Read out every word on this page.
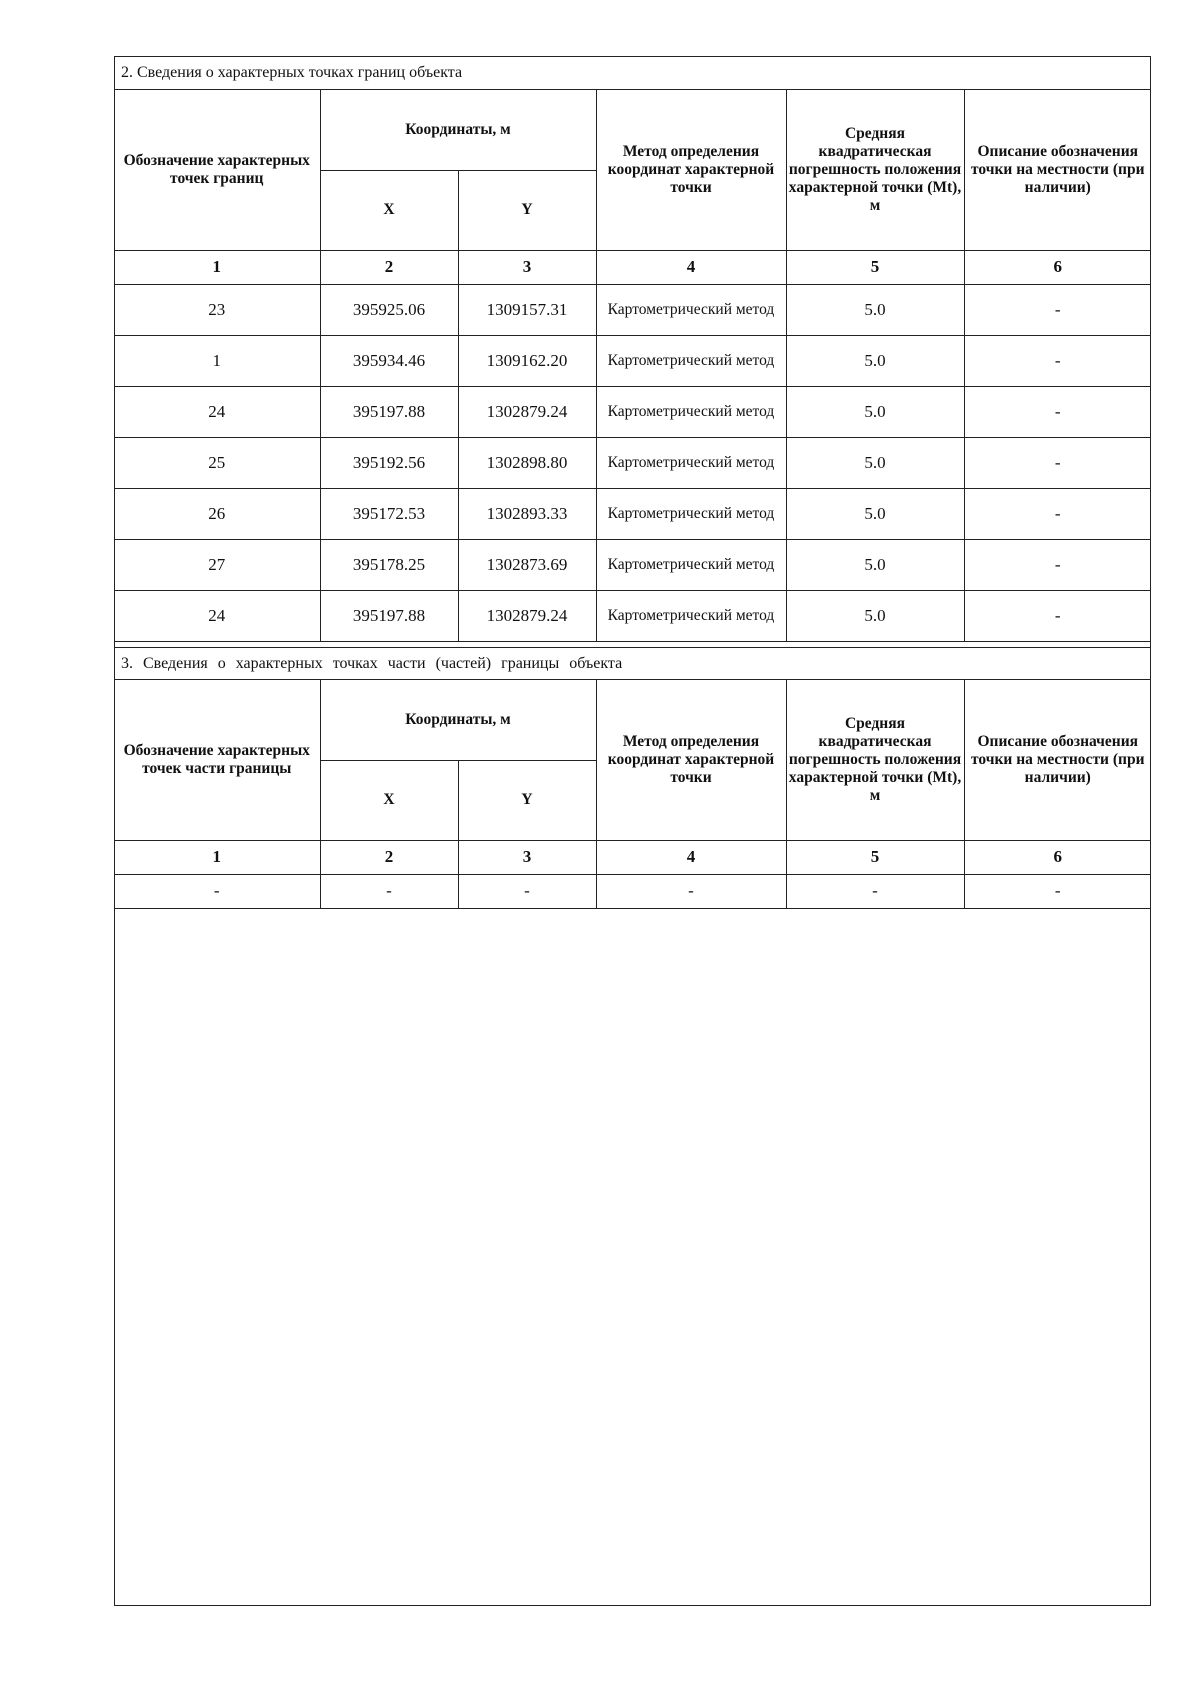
2. Сведения о характерных точках границ объекта
Обозначение характерных точек границ	Координаты, м		Метод определения координат характерной точки	Средняя квадратическая погрешность положения характерной точки (Mt), м	Описание обозначения точки на местности (при наличии)
	X	Y			
1	2	3	4	5	6
23	395925.06	1309157.31	Картометрический метод	5.0	-
1	395934.46	1309162.20	Картометрический метод	5.0	-
24	395197.88	1302879.24	Картометрический метод	5.0	-
25	395192.56	1302898.80	Картометрический метод	5.0	-
26	395172.53	1302893.33	Картометрический метод	5.0	-
27	395178.25	1302873.69	Картометрический метод	5.0	-
24	395197.88	1302879.24	Картометрический метод	5.0	-
3. Сведения о характерных точках части (частей) границы объекта
Обозначение характерных точек части границы	Координаты, м		Метод определения координат характерной точки	Средняя квадратическая погрешность положения характерной точки (Mt), м	Описание обозначения точки на местности (при наличии)
	X	Y			
1	2	3	4	5	6
-	-	-	-	-	-
